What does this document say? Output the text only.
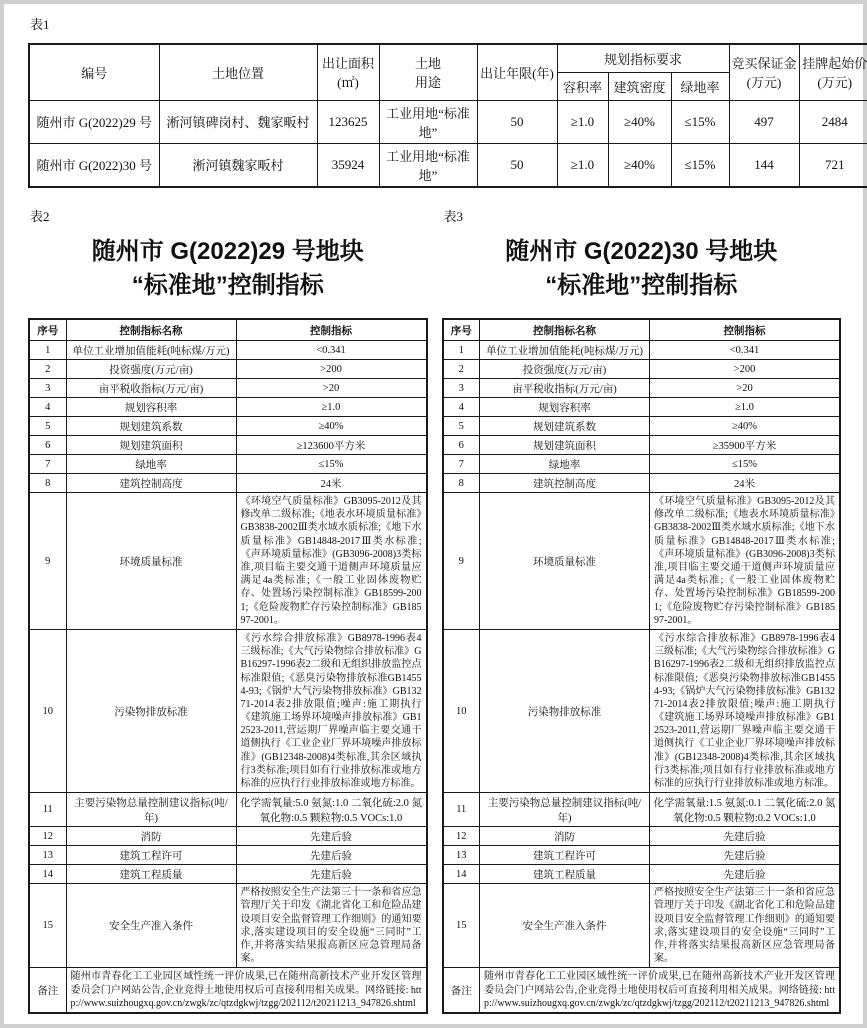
表1
编号	土地位置	出让面积(㎡)	土地用途	出让年限(年)	规划指标要求			竞买保证金(万元)	挂牌起始价(万元)
					容积率	建筑密度	绿地率		
随州市 G(2022)29 号	淅河镇碑岗村、魏家畈村	123625	工业用地“标准地”	50	≥1.0	≥40%	≤15%	497	2484
随州市 G(2022)30 号	淅河镇魏家畈村	35924	工业用地“标准地”	50	≥1.0	≥40%	≤15%	144	721
表2
随州市 G(2022)29 号地块
“标准地”控制指标
序号	控制指标名称	控制指标
1	单位工业增加值能耗(吨标煤/万元)	<0.341
2	投资强度(万元/亩)	>200
3	亩平税收指标(万元/亩)	>20
4	规划容积率	≥1.0
5	规划建筑系数	≥40%
6	规划建筑面积	≥123600平方米
7	绿地率	≤15%
8	建筑控制高度	24米
9	环境质量标准	《环境空气质量标准》GB3095-2012及其修改单二级标准;《地表水环境质量标准》GB3838-2002Ⅲ类水域水质标准;《地下水质量标准》GB14848-2017Ⅲ类水标准;《声环境质量标准》(GB3096-2008)3类标准,项目临主要交通干道侧声环境质量应满足4a类标准;《一般工业固体废物贮存、处置场污染控制标准》GB18599-2001;《危险废物贮存污染控制标准》GB18597-2001。
10	污染物排放标准	《污水综合排放标准》GB8978-1996表4三级标准;《大气污染物综合排放标准》GB16297-1996表2二级和无组织排放监控点标准限值;《恶臭污染物排放标准GB14554-93;《锅炉大气污染物排放标准》GB13271-2014表2排放限值;噪声:施工期执行《建筑施工场界环境噪声排放标准》GB12523-2011,营运期厂界噪声临主要交通干道侧执行《工业企业厂界环境噪声排放标准》(GB12348-2008)4类标准,其余区域执行3类标准;项目如有行业排放标准或地方标准的应执行行业排放标准或地方标准。
11	主要污染物总量控制建议指标(吨/年)	化学需氧量:5.0 氨氮:1.0 二氧化硫:2.0 氮氧化物:0.5 颗粒物:0.5 VOCs:1.0
12	消防	先建后验
13	建筑工程许可	先建后验
14	建筑工程质量	先建后验
15	安全生产准入条件	严格按照安全生产法第三十一条和省应急管理厅关于印发《湖北省化工和危险品建设项目安全监督管理工作细则》的通知要求,落实建设项目的安全设施“三同时”工作,并将落实结果报高新区应急管理局备案。
备注	随州市青春化工工业园区域性统一评价成果,已在随州高新技术产业开发区管理委员会门户网站公告,企业竞得土地使用权后可直接利用相关成果。网络链接: http://www.suizhougxq.gov.cn/zwgk/zc/qtzdgkwj/tzgg/202112/t20211213_947826.shtml	
表3
随州市 G(2022)30 号地块
“标准地”控制指标
序号	控制指标名称	控制指标
1	单位工业增加值能耗(吨标煤/万元)	<0.341
2	投资强度(万元/亩)	>200
3	亩平税收指标(万元/亩)	>20
4	规划容积率	≥1.0
5	规划建筑系数	≥40%
6	规划建筑面积	≥35900平方米
7	绿地率	≤15%
8	建筑控制高度	24米
9	环境质量标准	《环境空气质量标准》GB3095-2012及其修改单二级标准;《地表水环境质量标准》GB3838-2002Ⅲ类水域水质标准;《地下水质量标准》GB14848-2017Ⅲ类水标准;《声环境质量标准》(GB3096-2008)3类标准,项目临主要交通干道侧声环境质量应满足4a类标准;《一般工业固体废物贮存、处置场污染控制标准》GB18599-2001;《危险废物贮存污染控制标准》GB18597-2001。
10	污染物排放标准	《污水综合排放标准》GB8978-1996表4三级标准;《大气污染物综合排放标准》GB16297-1996表2二级和无组织排放监控点标准限值;《恶臭污染物排放标准GB14554-93;《锅炉大气污染物排放标准》GB13271-2014表2排放限值;噪声:施工期执行《建筑施工场界环境噪声排放标准》GB12523-2011,营运期厂界噪声临主要交通干道侧执行《工业企业厂界环境噪声排放标准》(GB12348-2008)4类标准,其余区域执行3类标准;项目如有行业排放标准或地方标准的应执行行业排放标准或地方标准。
11	主要污染物总量控制建议指标(吨/年)	化学需氧量:1.5 氨氮:0.1 二氧化硫:2.0 氮氧化物:0.5 颗粒物:0.2 VOCs:1.0
12	消防	先建后验
13	建筑工程许可	先建后验
14	建筑工程质量	先建后验
15	安全生产准入条件	严格按照安全生产法第三十一条和省应急管理厅关于印发《湖北省化工和危险品建设项目安全监督管理工作细则》的通知要求,落实建设项目的安全设施“三同时”工作,并将落实结果报高新区应急管理局备案。
备注	随州市青春化工工业园区域性统一评价成果,已在随州高新技术产业开发区管理委员会门户网站公告,企业竞得土地使用权后可直接利用相关成果。网络链接: http://www.suizhougxq.gov.cn/zwgk/zc/qtzdgkwj/tzgg/202112/t20211213_947826.shtml	
